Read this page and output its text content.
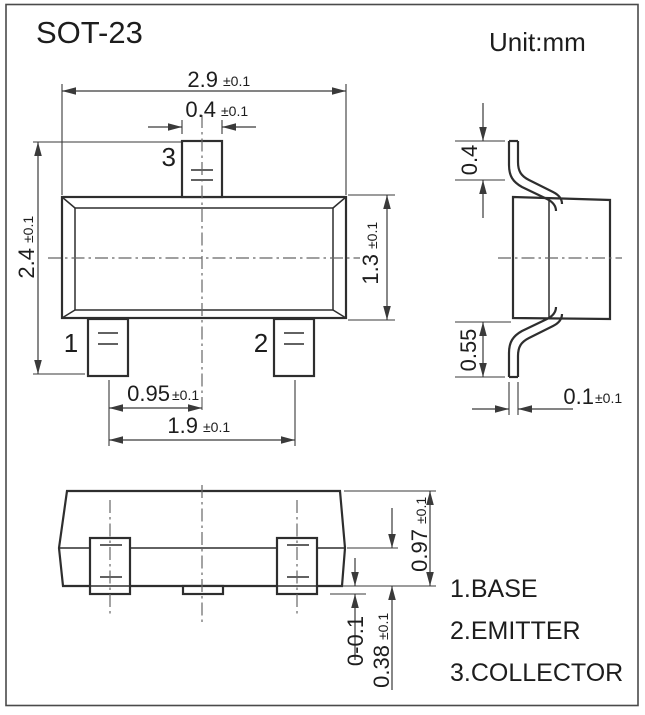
SOT-23	Unit:mm
3
1	2
2.9 ±0.1
0.4 ±0.1
2.4
±0.1
1.3
±0.1
0.95 ±0.1
1.9 ±0.1
0.4
0.55
0.1 ±0.1
0.97
±0.1
0.38
±0.1
0-0.1
1.BASE
2.EMITTER
3.COLLECTOR
